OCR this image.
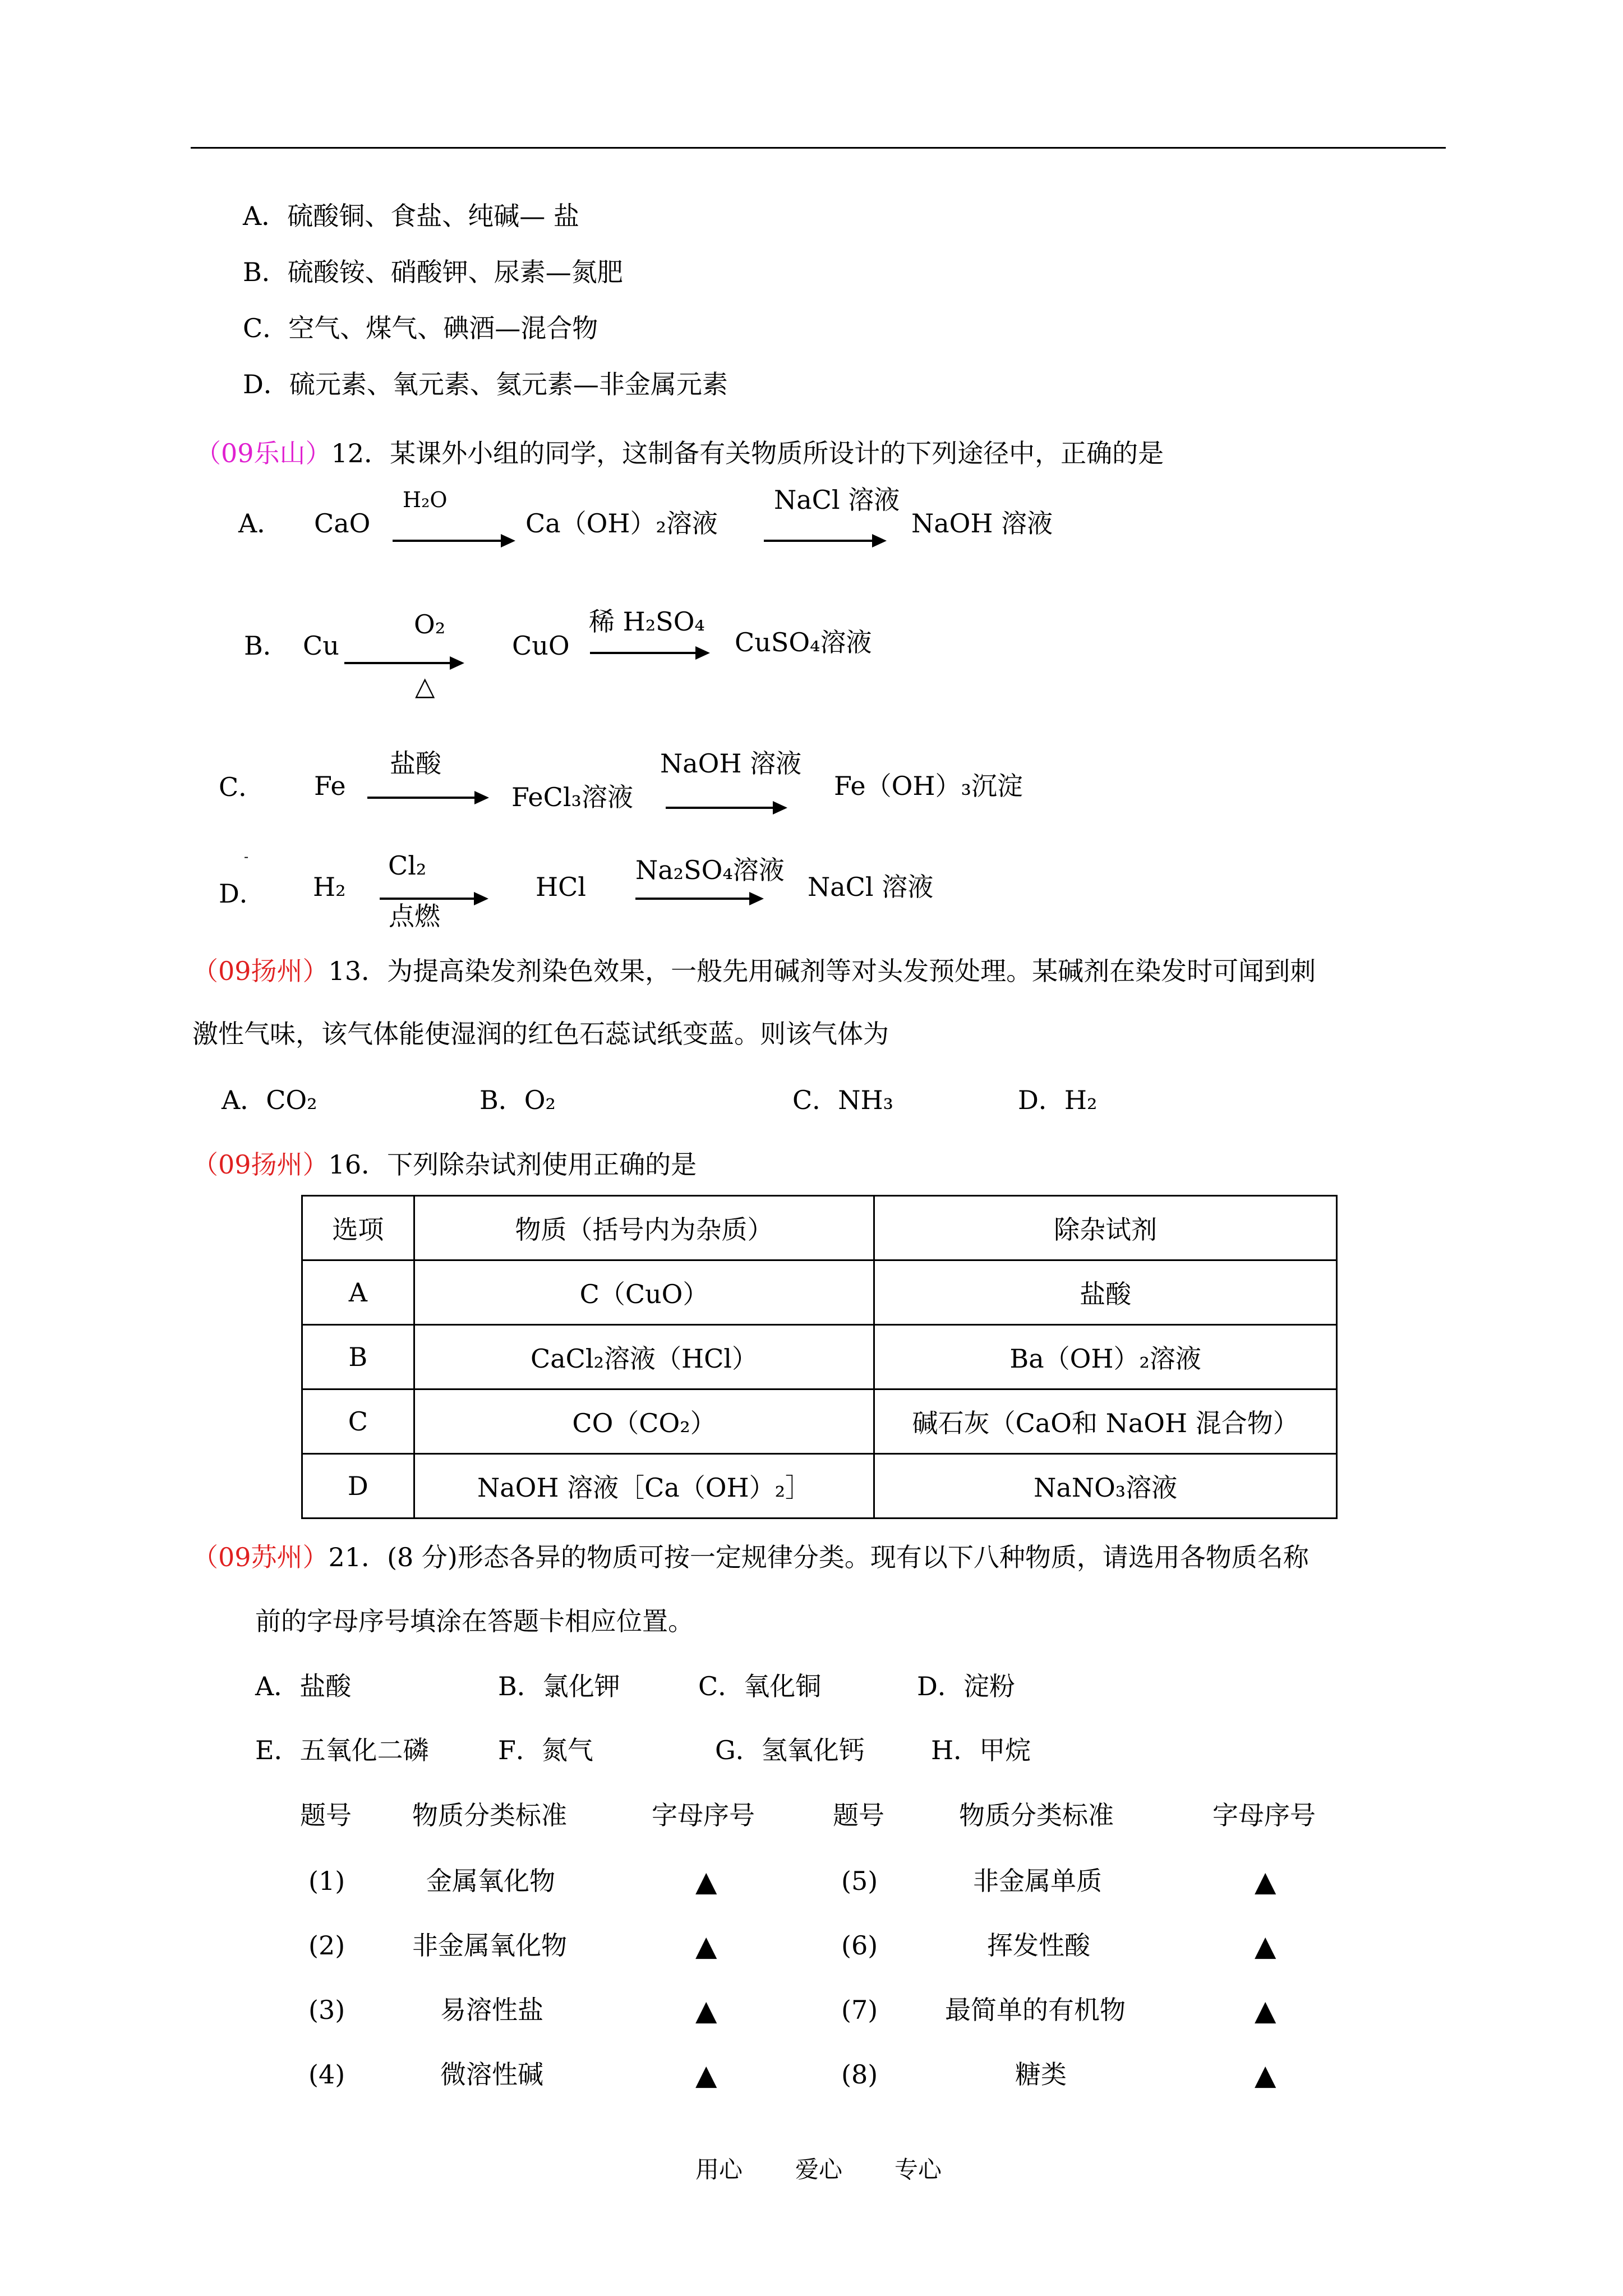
A．硫酸铜、食盐、纯碱— 盐
B．硫酸铵、硝酸钾、尿素—氮肥
C．空气、煤气、碘酒—混合物
D．硫元素、氧元素、氦元素—非金属元素
（09乐山）12．某课外小组的同学，这制备有关物质所设计的下列途径中，正确的是
A． CaO
H₂O
Ca（OH）₂溶液
NaCl 溶液
NaOH 溶液
B． Cu
O₂
△
CuO
稀 H₂SO₄
CuSO₄溶液
C． Fe
盐酸
FeCl₃溶液
NaOH 溶液
Fe（OH）₃沉淀
-
D． H₂
Cl₂
点燃
HCl
Na₂SO₄溶液
NaCl 溶液
（09扬州）13．为提高染发剂染色效果，一般先用碱剂等对头发预处理。某碱剂在染发时可闻到刺
激性气味，该气体能使湿润的红色石蕊试纸变蓝。则该气体为
A．CO₂	B．O₂	C．NH₃	D．H₂
（09扬州）16．下列除杂试剂使用正确的是
选项	物质（括号内为杂质）	除杂试剂
A	C（CuO）	盐酸
B	CaCl₂溶液（HCl）	Ba（OH）₂溶液
C	CO（CO₂）	碱石灰（CaO和 NaOH 混合物）
D	NaOH 溶液［Ca（OH）₂］	NaNO₃溶液
（09苏州）21．(8 分)形态各异的物质可按一定规律分类。现有以下八种物质，请选用各物质名称
前的字母序号填涂在答题卡相应位置。
A．盐酸	B．氯化钾	C．氧化铜	D．淀粉
E．五氧化二磷	F．氮气	G．氢氧化钙	H．甲烷
题号 物质分类标准	字母序号	题号	物质分类标准	字母序号
(1)	金属氧化物	▲	(5)	非金属单质	▲
(2)	非金属氧化物	▲	(6)	挥发性酸	▲
(3)	易溶性盐	▲	(7)	最简单的有机物	▲
(4)	微溶性碱	▲	(8)	糖类	▲
用心 爱心 专心
